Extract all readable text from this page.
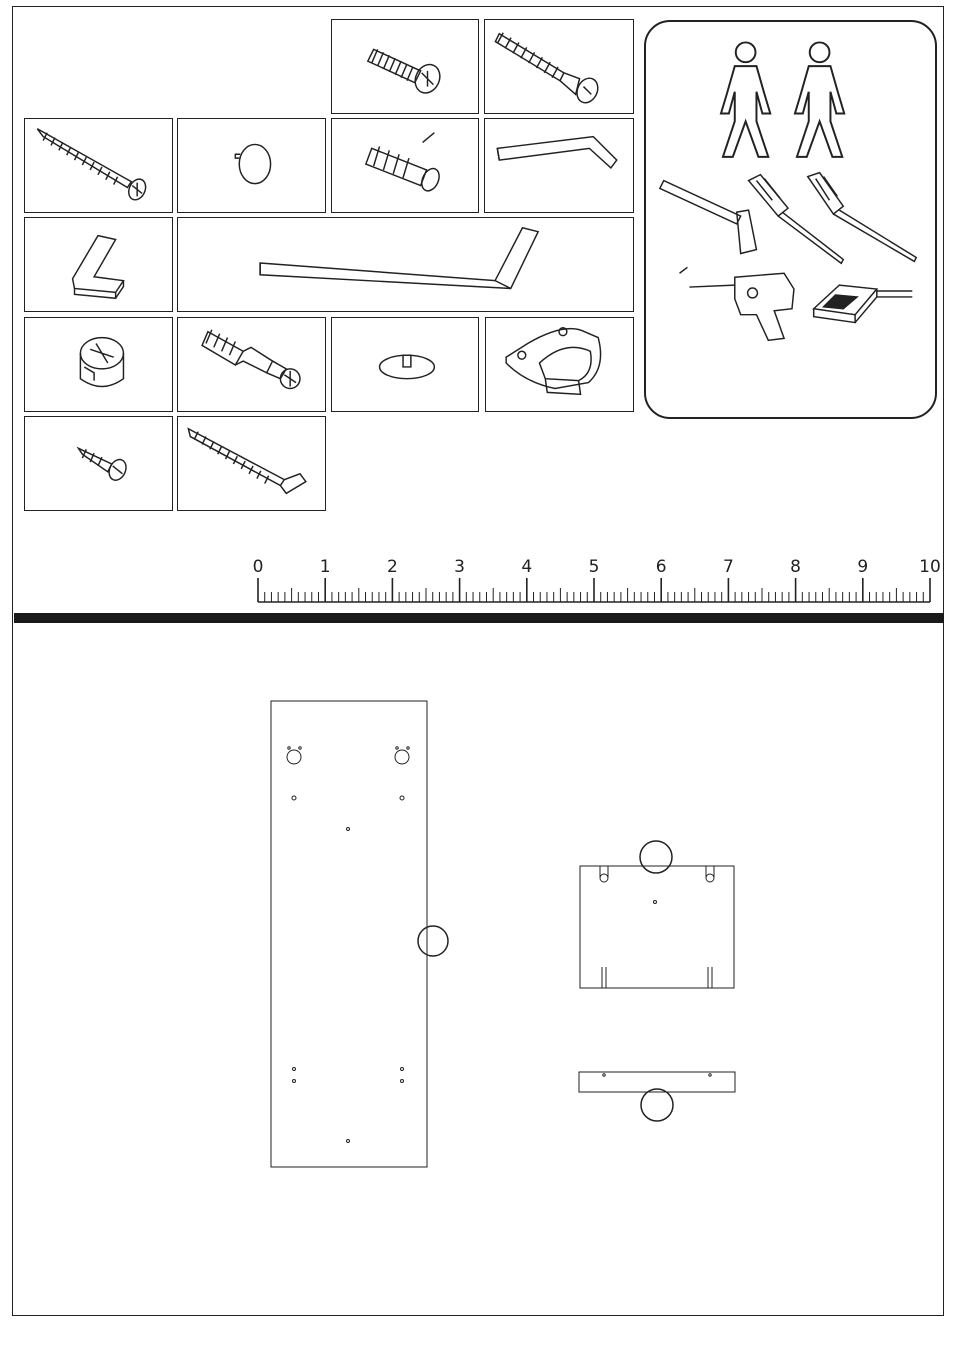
0	1	2	3	4	5	6	7	8	9	10
